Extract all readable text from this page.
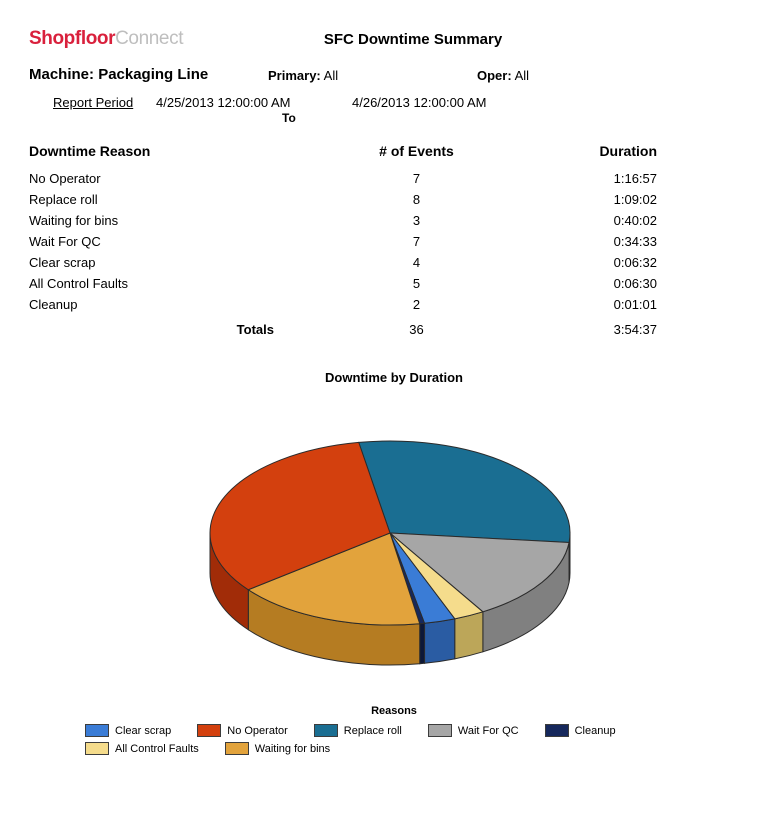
ShopfloorConnect	SFC Downtime Summary
Machine: Packaging Line	Primary: All	Oper: All
Report Period 4/25/2013 12:00:00 AM
To
4/26/2013 12:00:00 AM
Downtime Reason	# of Events	Duration
No Operator	7	1:16:57
Replace roll	8	1:09:02
Waiting for bins	3	0:40:02
Wait For QC	7	0:34:33
Clear scrap	4	0:06:32
All Control Faults	5	0:06:30
Cleanup	2	0:01:01
Totals	36	3:54:37
Downtime by Duration
Reasons
Clear scrap	No Operator	Replace roll	Wait For QC	Cleanup
All Control Faults	Waiting for bins
